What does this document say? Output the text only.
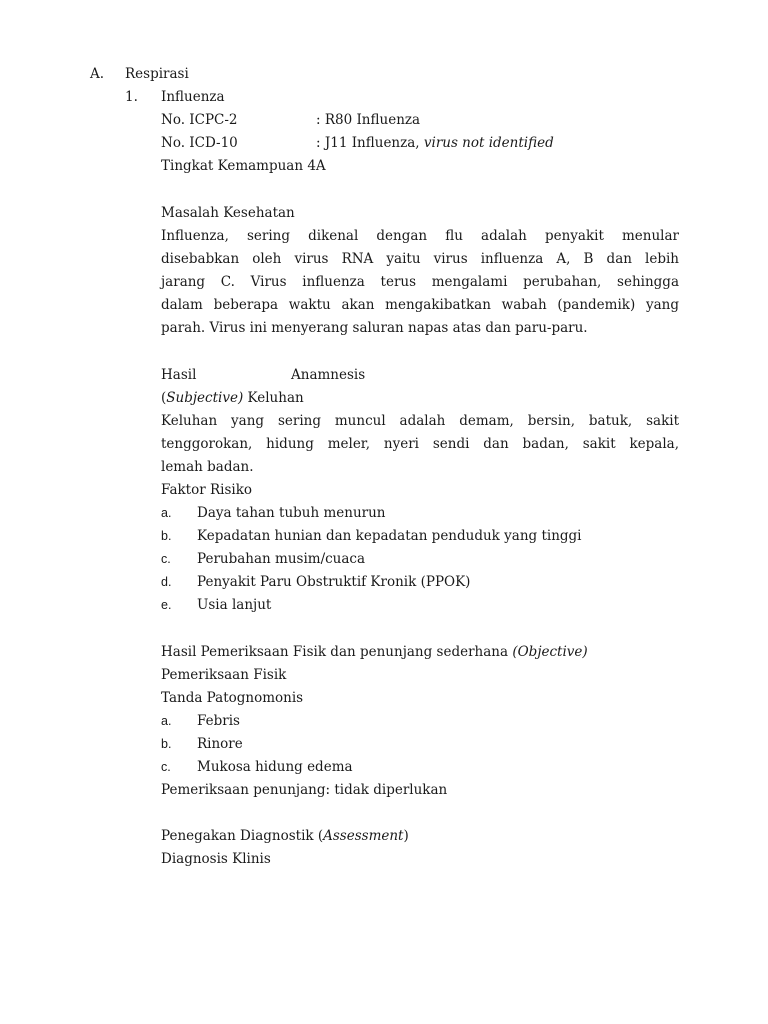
A. Respirasi
1. Influenza
No. ICPC-2	: R80 Influenza
No. ICD-10	: J11 Influenza, virus not identified
Tingkat Kemampuan 4A
Masalah Kesehatan
Influenza, sering dikenal dengan flu adalah penyakit menular
disebabkan oleh virus RNA yaitu virus influenza A, B dan lebih
jarang C. Virus influenza terus mengalami perubahan, sehingga
dalam beberapa waktu akan mengakibatkan wabah (pandemik) yang
parah. Virus ini menyerang saluran napas atas dan paru-paru.
Hasil	Anamnesis
(Subjective) Keluhan
Keluhan yang sering muncul adalah demam, bersin, batuk, sakit
tenggorokan, hidung meler, nyeri sendi dan badan, sakit kepala,
lemah badan.
Faktor Risiko
a. Daya tahan tubuh menurun
b. Kepadatan hunian dan kepadatan penduduk yang tinggi
c. Perubahan musim/cuaca
d. Penyakit Paru Obstruktif Kronik (PPOK)
e. Usia lanjut
Hasil Pemeriksaan Fisik dan penunjang sederhana (Objective)
Pemeriksaan Fisik
Tanda Patognomonis
a. Febris
b. Rinore
c. Mukosa hidung edema
Pemeriksaan penunjang: tidak diperlukan
Penegakan Diagnostik (Assessment)
Diagnosis Klinis
